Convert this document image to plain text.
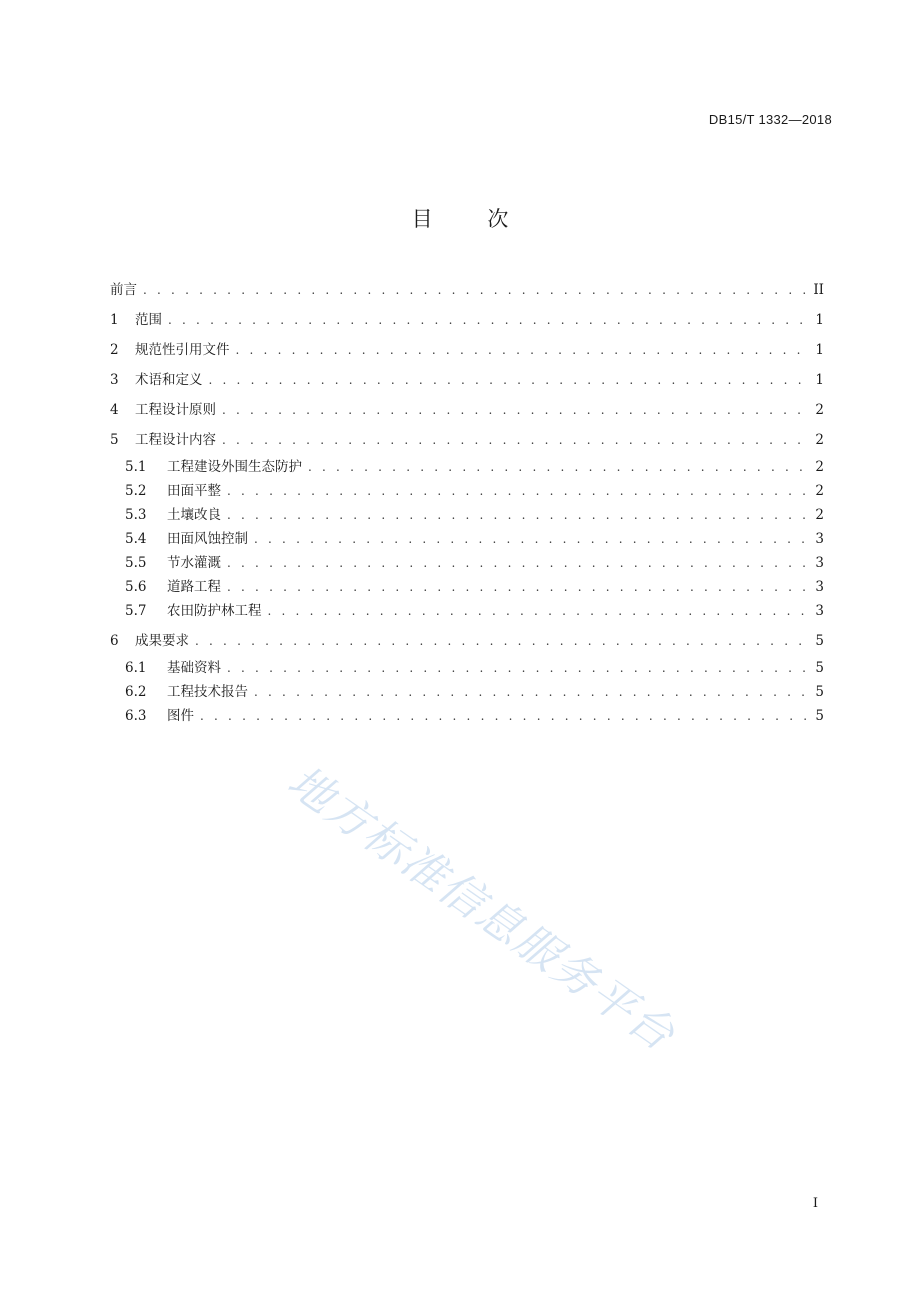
DB15/T 1332—2018
目 次
前言 . . .	II
1	范围 . . .	1
2	规范性引用文件 . . .	1
3	术语和定义 . . .	1
4	工程设计原则 . . .	2
5	工程设计内容 . . .	2
5.1	工程建设外围生态防护 . . .	2
5.2	田面平整 . . .	2
5.3	土壤改良 . . .	2
5.4	田面风蚀控制 . . .	3
5.5	节水灌溉 . . .	3
5.6	道路工程 . . .	3
5.7	农田防护林工程 . . .	3
6	成果要求 . . .	5
6.1	基础资料 . . .	5
6.2	工程技术报告 . . .	5
6.3	图件 . . .	5
地方标准信息服务平台
I
